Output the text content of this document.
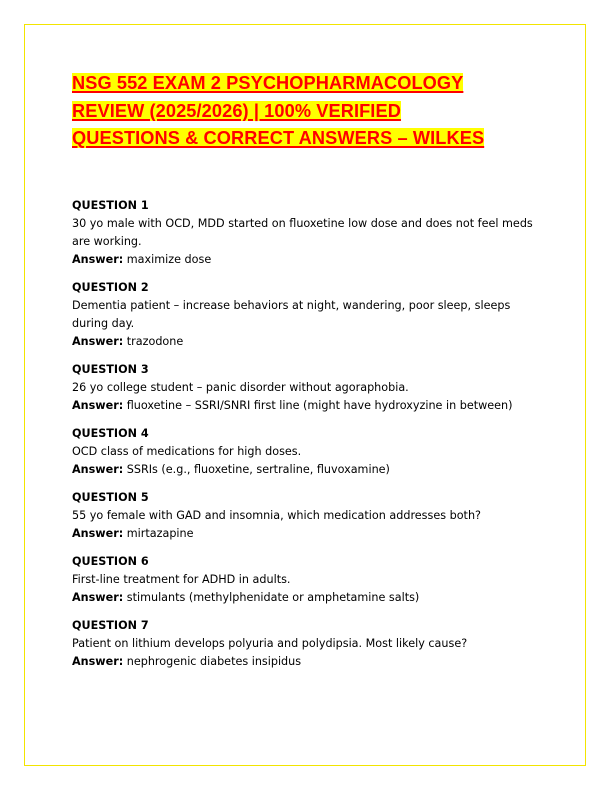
NSG 552 EXAM 2 PSYCHOPHARMACOLOGY
REVIEW (2025/2026) | 100% VERIFIED
QUESTIONS & CORRECT ANSWERS – WILKES
QUESTION 1
30 yo male with OCD, MDD started on fluoxetine low dose and does not feel meds
are working.
Answer: maximize dose
QUESTION 2
Dementia patient – increase behaviors at night, wandering, poor sleep, sleeps
during day.
Answer: trazodone
QUESTION 3
26 yo college student – panic disorder without agoraphobia.
Answer: fluoxetine – SSRI/SNRI first line (might have hydroxyzine in between)
QUESTION 4
OCD class of medications for high doses.
Answer: SSRIs (e.g., fluoxetine, sertraline, fluvoxamine)
QUESTION 5
55 yo female with GAD and insomnia, which medication addresses both?
Answer: mirtazapine
QUESTION 6
First-line treatment for ADHD in adults.
Answer: stimulants (methylphenidate or amphetamine salts)
QUESTION 7
Patient on lithium develops polyuria and polydipsia. Most likely cause?
Answer: nephrogenic diabetes insipidus
